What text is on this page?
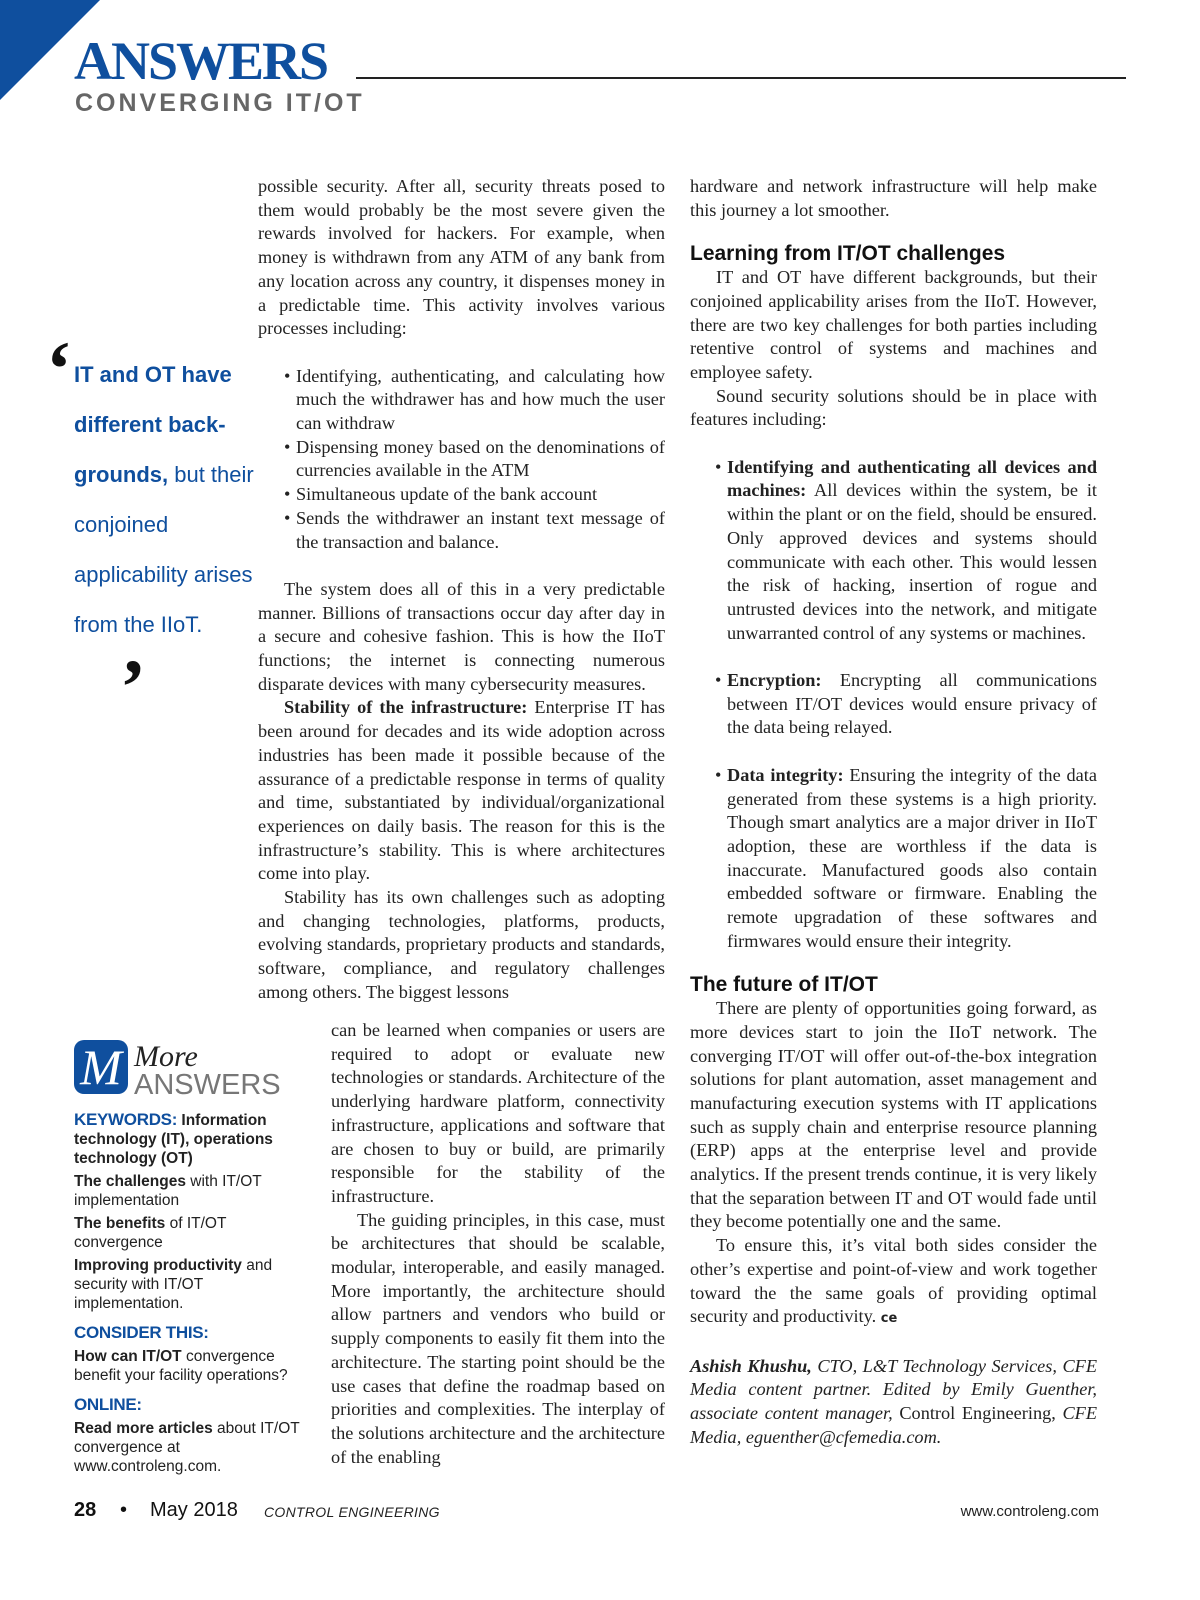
ANSWERS
CONVERGING IT/OT
‘ IT and OT have different back-grounds, but their conjoined applicability arises from the IIoT.

’

possible security. After all, security threats posed to them would probably be the most severe given the rewards involved for hackers. For example, when money is withdrawn from any ATM of any bank from any location across any country, it dispenses money in a predictable time. This activity involves various processes including:

• Identifying, authenticating, and calculating how much the withdrawer has and how much the user can withdraw
• Dispensing money based on the denominations of currencies available in the ATM
• Simultaneous update of the bank account
• Sends the withdrawer an instant text message of the transaction and balance.

The system does all of this in a very predictable manner. Billions of transactions occur day after day in a secure and cohesive fashion. This is how the IIoT functions; the internet is connecting numerous disparate devices with many cybersecurity measures.

Stability of the infrastructure: Enterprise IT has been around for decades and its wide adoption across industries has been made it possible because of the assurance of a predictable response in terms of quality and time, substantiated by individual/organizational experiences on daily basis. The reason for this is the infrastructure’s stability. This is where architectures come into play.

Stability has its own challenges such as adopting and changing technologies, platforms, products, evolving standards, proprietary products and standards, software, compliance, and regulatory challenges among others. The biggest lessons

can be learned when companies or users are required to adopt or evaluate new technologies or standards. Architecture of the underlying hardware platform, connectivity infrastructure, applications and software that are chosen to buy or build, are primarily responsible for the stability of the infrastructure.

The guiding principles, in this case, must be architectures that should be scalable, modular, interoperable, and easily managed. More importantly, the architecture should allow partners and vendors who build or supply components to easily fit them into the architecture. The starting point should be the use cases that define the roadmap based on priorities and complexities. The interplay of the solutions architecture and the architecture of the enabling

hardware and network infrastructure will help make this journey a lot smoother.

Learning from IT/OT challenges

IT and OT have different backgrounds, but their conjoined applicability arises from the IIoT. However, there are two key challenges for both parties including retentive control of systems and machines and employee safety.

Sound security solutions should be in place with features including:

• Identifying and authenticating all devices and machines: All devices within the system, be it within the plant or on the field, should be ensured. Only approved devices and systems should communicate with each other. This would lessen the risk of hacking, insertion of rogue and untrusted devices into the network, and mitigate unwarranted control of any systems or machines.
• Encryption: Encrypting all communications between IT/OT devices would ensure privacy of the data being relayed.
• Data integrity: Ensuring the integrity of the data generated from these systems is a high priority. Though smart analytics are a major driver in IIoT adoption, these are worthless if the data is inaccurate. Manufactured goods also contain embedded software or firmware. Enabling the remote upgradation of these softwares and firmwares would ensure their integrity.
The future of IT/OT

There are plenty of opportunities going forward, as more devices start to join the IIoT network. The converging IT/OT will offer out-of-the-box integration solutions for plant automation, asset management and manufacturing execution systems with IT applications such as supply chain and enterprise resource planning (ERP) apps at the enterprise level and provide analytics. If the present trends continue, it is very likely that the separation between IT and OT would fade until they become potentially one and the same.

To ensure this, it’s vital both sides consider the other’s expertise and point-of-view and work together toward the the same goals of providing optimal security and productivity. ce

Ashish Khushu, CTO, L&T Technology Services, CFE Media content partner. Edited by Emily Guenther, associate content manager, Control Engineering, CFE Media, eguenther@cfemedia.com.

M More
ANSWERS

KEYWORDS: Information technology (IT), operations technology (OT)

The challenges with IT/OT implementation

The benefits of IT/OT convergence

Improving productivity and security with IT/OT implementation.

CONSIDER THIS:

How can IT/OT convergence benefit your facility operations?

ONLINE:

Read more articles about IT/OT convergence at www.controleng.com.

28 • May 2018 CONTROL ENGINEERING	www.controleng.com
